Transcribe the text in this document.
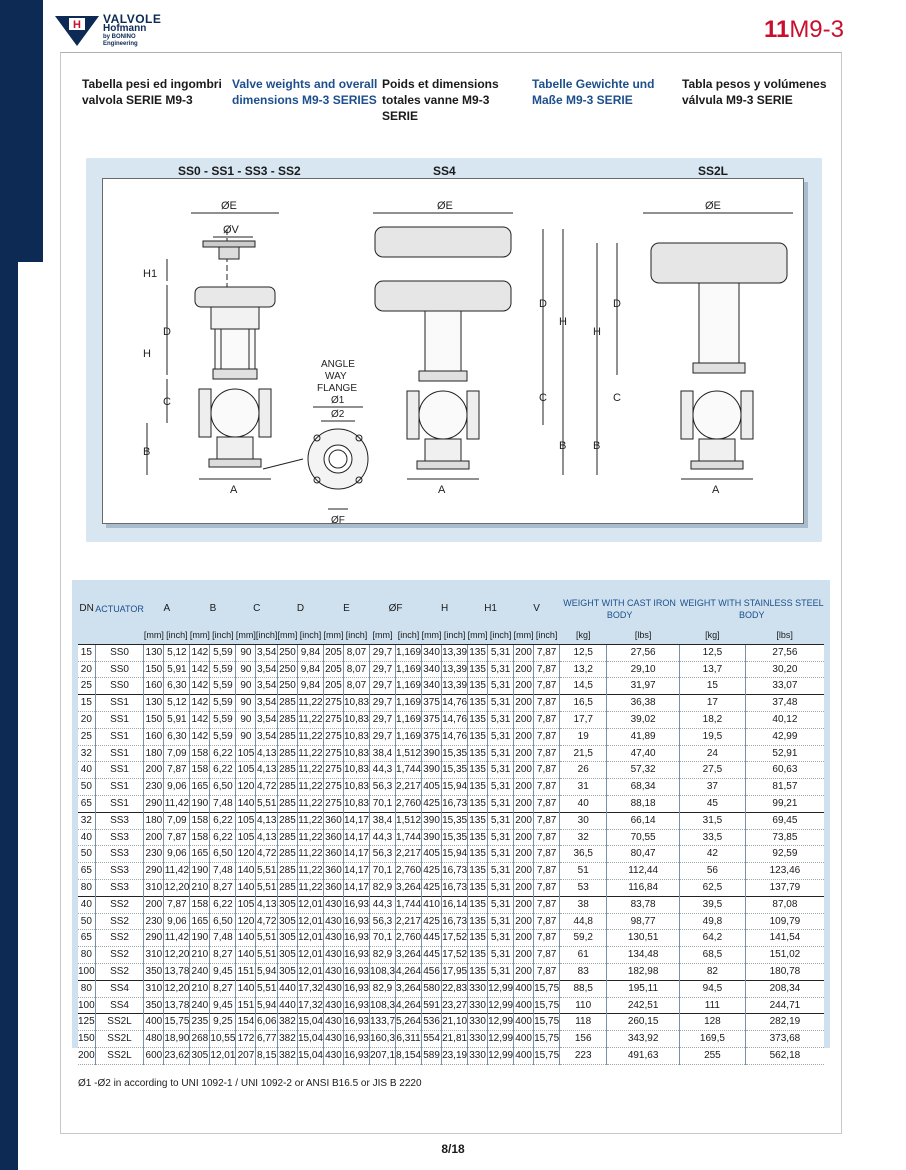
H VALVOLE
Hofmann
by BONINO
Engineering
11M9-3
Tabella pesi ed ingombri valvola SERIE M9-3
Valve weights and overall dimensions M9-3 SERIES
Poids et dimensions totales vanne M9-3 SERIE
Tabelle Gewichte und Maße M9-3 SERIE
Tabla pesos y volúmenes válvula M9-3 SERIE
SS0 - SS1 - SS3 - SS2	SS4	SS2L
ØE
ØV
H1
D
H
C
B
A
ANGLE
WAY
FLANGE
Ø1
Ø2
ØF
ØE
D
H
C
B
A
ØE
D
H
C
B
A
DN	ACTUATOR	A		B		C		D		E		ØF		H		H1		V		WEIGHT WITH CAST IRON BODY		WEIGHT WITH STAINLESS STEEL BODY	
		[mm]	[inch]	[mm]	[inch]	[mm]	[inch]	[mm]	[inch]	[mm]	[inch]	[mm]	[inch]	[mm]	[inch]	[mm]	[inch]	[mm]	[inch]	[kg]	[lbs]	[kg]	[lbs]
15	SS0	130	5,12	142	5,59	90	3,54	250	9,84	205	8,07	29,7	1,169	340	13,39	135	5,31	200	7,87	12,5	27,56	12,5	27,56
20	SS0	150	5,91	142	5,59	90	3,54	250	9,84	205	8,07	29,7	1,169	340	13,39	135	5,31	200	7,87	13,2	29,10	13,7	30,20
25	SS0	160	6,30	142	5,59	90	3,54	250	9,84	205	8,07	29,7	1,169	340	13,39	135	5,31	200	7,87	14,5	31,97	15	33,07
15	SS1	130	5,12	142	5,59	90	3,54	285	11,22	275	10,83	29,7	1,169	375	14,76	135	5,31	200	7,87	16,5	36,38	17	37,48
20	SS1	150	5,91	142	5,59	90	3,54	285	11,22	275	10,83	29,7	1,169	375	14,76	135	5,31	200	7,87	17,7	39,02	18,2	40,12
25	SS1	160	6,30	142	5,59	90	3,54	285	11,22	275	10,83	29,7	1,169	375	14,76	135	5,31	200	7,87	19	41,89	19,5	42,99
32	SS1	180	7,09	158	6,22	105	4,13	285	11,22	275	10,83	38,4	1,512	390	15,35	135	5,31	200	7,87	21,5	47,40	24	52,91
40	SS1	200	7,87	158	6,22	105	4,13	285	11,22	275	10,83	44,3	1,744	390	15,35	135	5,31	200	7,87	26	57,32	27,5	60,63
50	SS1	230	9,06	165	6,50	120	4,72	285	11,22	275	10,83	56,3	2,217	405	15,94	135	5,31	200	7,87	31	68,34	37	81,57
65	SS1	290	11,42	190	7,48	140	5,51	285	11,22	275	10,83	70,1	2,760	425	16,73	135	5,31	200	7,87	40	88,18	45	99,21
32	SS3	180	7,09	158	6,22	105	4,13	285	11,22	360	14,17	38,4	1,512	390	15,35	135	5,31	200	7,87	30	66,14	31,5	69,45
40	SS3	200	7,87	158	6,22	105	4,13	285	11,22	360	14,17	44,3	1,744	390	15,35	135	5,31	200	7,87	32	70,55	33,5	73,85
50	SS3	230	9,06	165	6,50	120	4,72	285	11,22	360	14,17	56,3	2,217	405	15,94	135	5,31	200	7,87	36,5	80,47	42	92,59
65	SS3	290	11,42	190	7,48	140	5,51	285	11,22	360	14,17	70,1	2,760	425	16,73	135	5,31	200	7,87	51	112,44	56	123,46
80	SS3	310	12,20	210	8,27	140	5,51	285	11,22	360	14,17	82,9	3,264	425	16,73	135	5,31	200	7,87	53	116,84	62,5	137,79
40	SS2	200	7,87	158	6,22	105	4,13	305	12,01	430	16,93	44,3	1,744	410	16,14	135	5,31	200	7,87	38	83,78	39,5	87,08
50	SS2	230	9,06	165	6,50	120	4,72	305	12,01	430	16,93	56,3	2,217	425	16,73	135	5,31	200	7,87	44,8	98,77	49,8	109,79
65	SS2	290	11,42	190	7,48	140	5,51	305	12,01	430	16,93	70,1	2,760	445	17,52	135	5,31	200	7,87	59,2	130,51	64,2	141,54
80	SS2	310	12,20	210	8,27	140	5,51	305	12,01	430	16,93	82,9	3,264	445	17,52	135	5,31	200	7,87	61	134,48	68,5	151,02
100	SS2	350	13,78	240	9,45	151	5,94	305	12,01	430	16,93	108,3	4,264	456	17,95	135	5,31	200	7,87	83	182,98	82	180,78
80	SS4	310	12,20	210	8,27	140	5,51	440	17,32	430	16,93	82,9	3,264	580	22,83	330	12,99	400	15,75	88,5	195,11	94,5	208,34
100	SS4	350	13,78	240	9,45	151	5,94	440	17,32	430	16,93	108,3	4,264	591	23,27	330	12,99	400	15,75	110	242,51	111	244,71
125	SS2L	400	15,75	235	9,25	154	6,06	382	15,04	430	16,93	133,7	5,264	536	21,10	330	12,99	400	15,75	118	260,15	128	282,19
150	SS2L	480	18,90	268	10,55	172	6,77	382	15,04	430	16,93	160,3	6,311	554	21,81	330	12,99	400	15,75	156	343,92	169,5	373,68
200	SS2L	600	23,62	305	12,01	207	8,15	382	15,04	430	16,93	207,1	8,154	589	23,19	330	12,99	400	15,75	223	491,63	255	562,18
Ø1 -Ø2 in according to UNI 1092-1 / UNI 1092-2 or ANSI B16.5 or JIS B 2220
8/18
